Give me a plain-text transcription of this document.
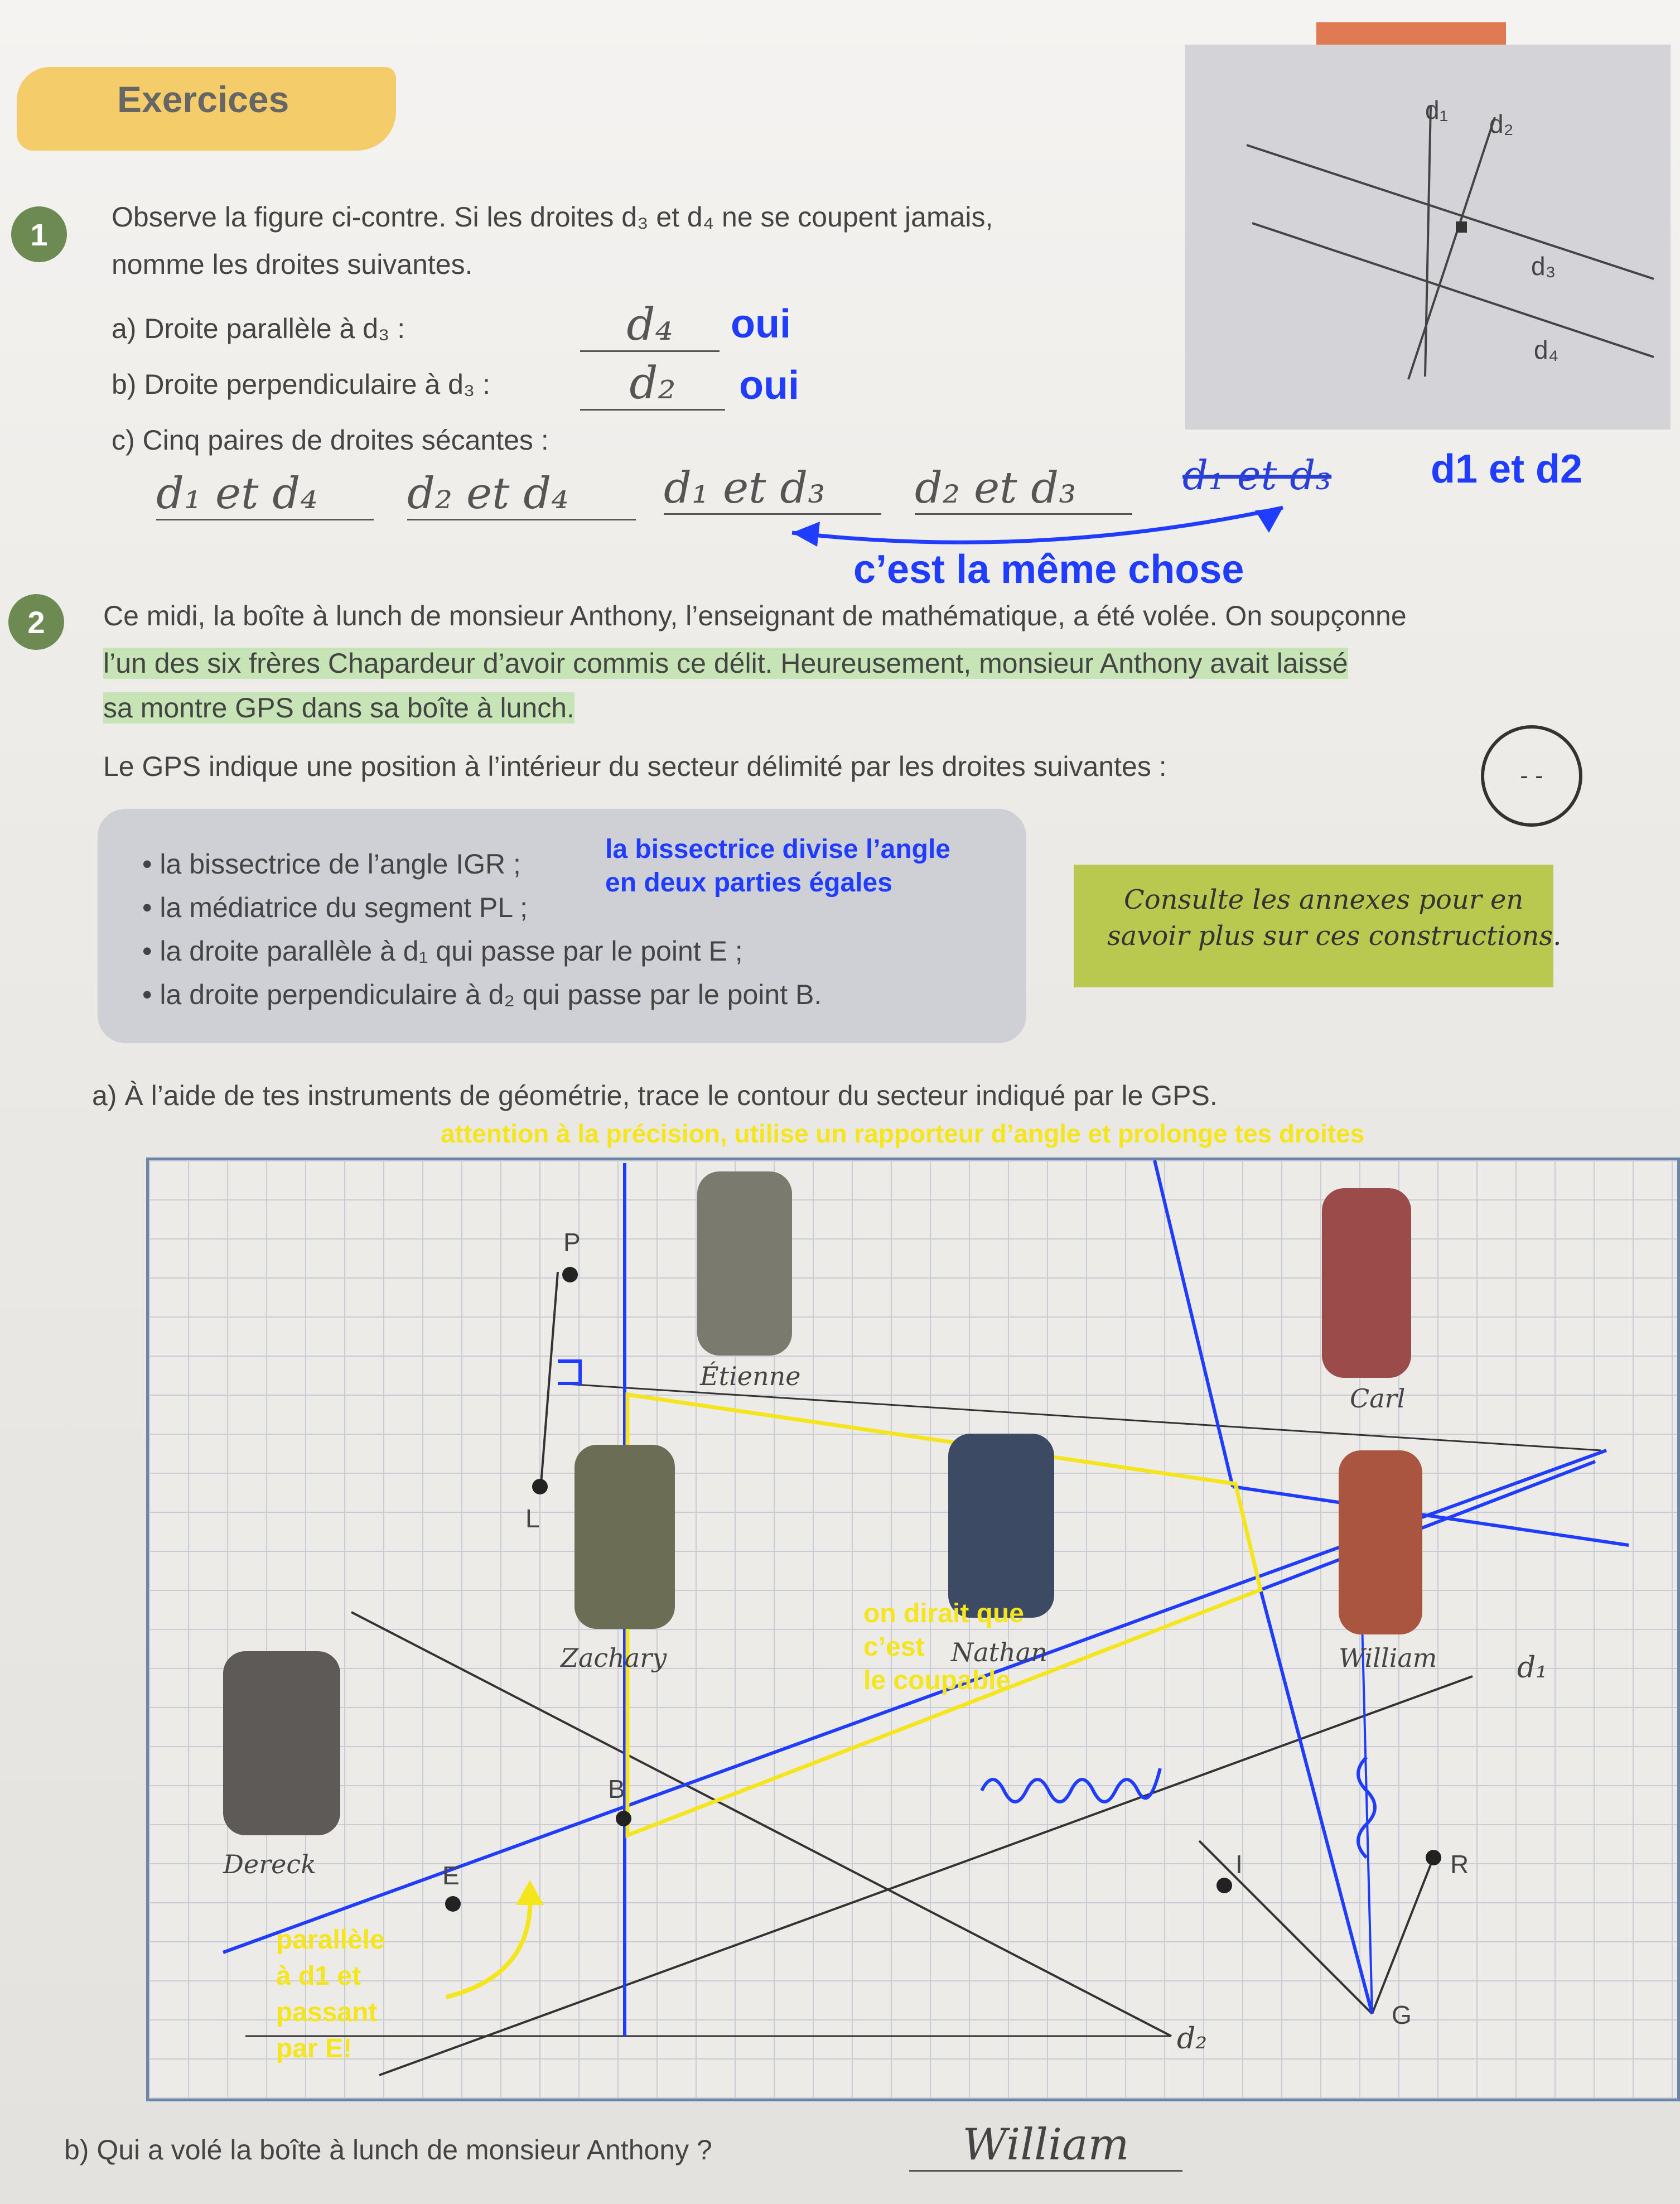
Exercices
1	Observe la figure ci-contre. Si les droites d₃ et d₄ ne se coupent jamais,
nomme les droites suivantes.
a) Droite parallèle à d₃ :	d₄	oui
b) Droite perpendiculaire à d₃ :	d₂	oui
c) Cinq paires de droites sécantes :
d₁ et d₄	d₂ et d₄	d₁ et d₃	d₂ et d₃	d₁ et d₃ d1 et d2
c’est la même chose
d₁ d₂
d₃
d₄
2	Ce midi, la boîte à lunch de monsieur Anthony, l’enseignant de mathématique, a été volée. On soupçonne
l’un des six frères Chapardeur d’avoir commis ce délit. Heureusement, monsieur Anthony avait laissé
sa montre GPS dans sa boîte à lunch.
Le GPS indique une position à l’intérieur du secteur délimité par les droites suivantes :	- -
• la bissectrice de l’angle IGR ;
• la médiatrice du segment PL ;
• la droite parallèle à d₁ qui passe par le point E ;
• la droite perpendiculaire à d₂ qui passe par le point B.
la bissectrice divise l’angle
en deux parties égales
Consulte les annexes pour en
savoir plus sur ces constructions.
a) À l’aide de tes instruments de géométrie, trace le contour du secteur indiqué par le GPS.
attention à la précision, utilise un rapporteur d’angle et prolonge tes droites
Étienne
Carl
Zachary	Nathan	William
Dereck
P
L
B
E	I	R
G
d₁
d₂
on dirait que
c’est
le coupable
parallèle
à d1 et
passant
par E!
b) Qui a volé la boîte à lunch de monsieur Anthony ?	William
